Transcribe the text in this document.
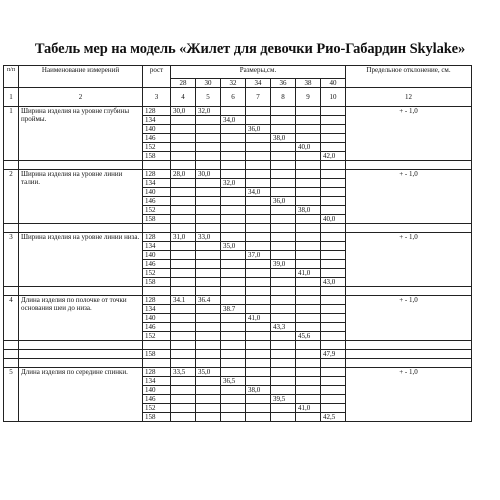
Табель мер на модель «Жилет для девочки Рио-Габардин Skylake»
п/п	Наименование измерений	рост	Размеры,см.							Предельное отклонение, см.
			28	30	32	34	36	38	40	
1	2	3	4	5	6	7	8	9	10	12
1	Ширина изделия на уровне глубины проймы.	128	30,0	32,0						+ - 1,0
		134			34,0					
		140				36,0				
		146					38,0			
		152						40,0		
		158							42,0	

2	Ширина изделия на уровне линии талии.	128	28,0	30,0						+ - 1,0
		134			32,0					
		140				34,0				
		146					36,0			
		152						38,0		
		158							40,0	

3	Ширина изделия на уровне линии низа.	128	31,0	33,0						+ - 1,0
		134			35,0					
		140				37,0				
		146					39,0			
		152						41,0		
		158							43,0	

4	Длина изделия по полочке от точки основания шеи до низа.	128	34.1	36.4						+ - 1,0
		134			38.7					
		140				41,0				
		146					43,3			
		152						45,6		

		158							47,9	

5	Длина изделия по середине спинки.	128	33,5	35,0						+ - 1,0
		134			36,5					
		140				38,0				
		146					39,5			
		152						41,0		
		158							42,5	
